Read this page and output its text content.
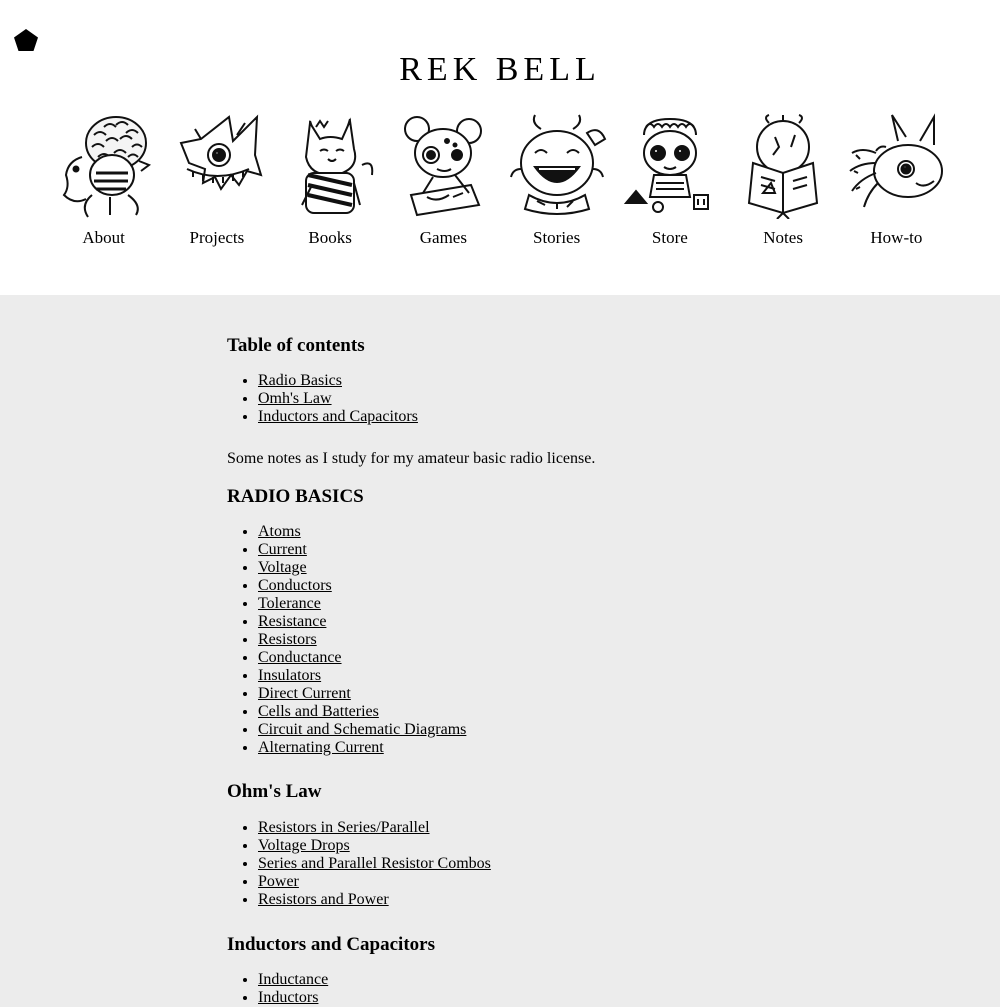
REK BELL
About	Projects	Books	Games	Stories	Store	Notes	How-to
Table of contents
• Radio Basics
• Omh's Law
• Inductors and Capacitors

Some notes as I study for my amateur basic radio license.

RADIO BASICS
• Atoms
• Current
• Voltage
• Conductors
• Tolerance
• Resistance
• Resistors
• Conductance
• Insulators
• Direct Current
• Cells and Batteries
• Circuit and Schematic Diagrams
• Alternating Current
Ohm's Law
• Resistors in Series/Parallel
• Voltage Drops
• Series and Parallel Resistor Combos
• Power
• Resistors and Power
Inductors and Capacitors
• Inductance
• Inductors
